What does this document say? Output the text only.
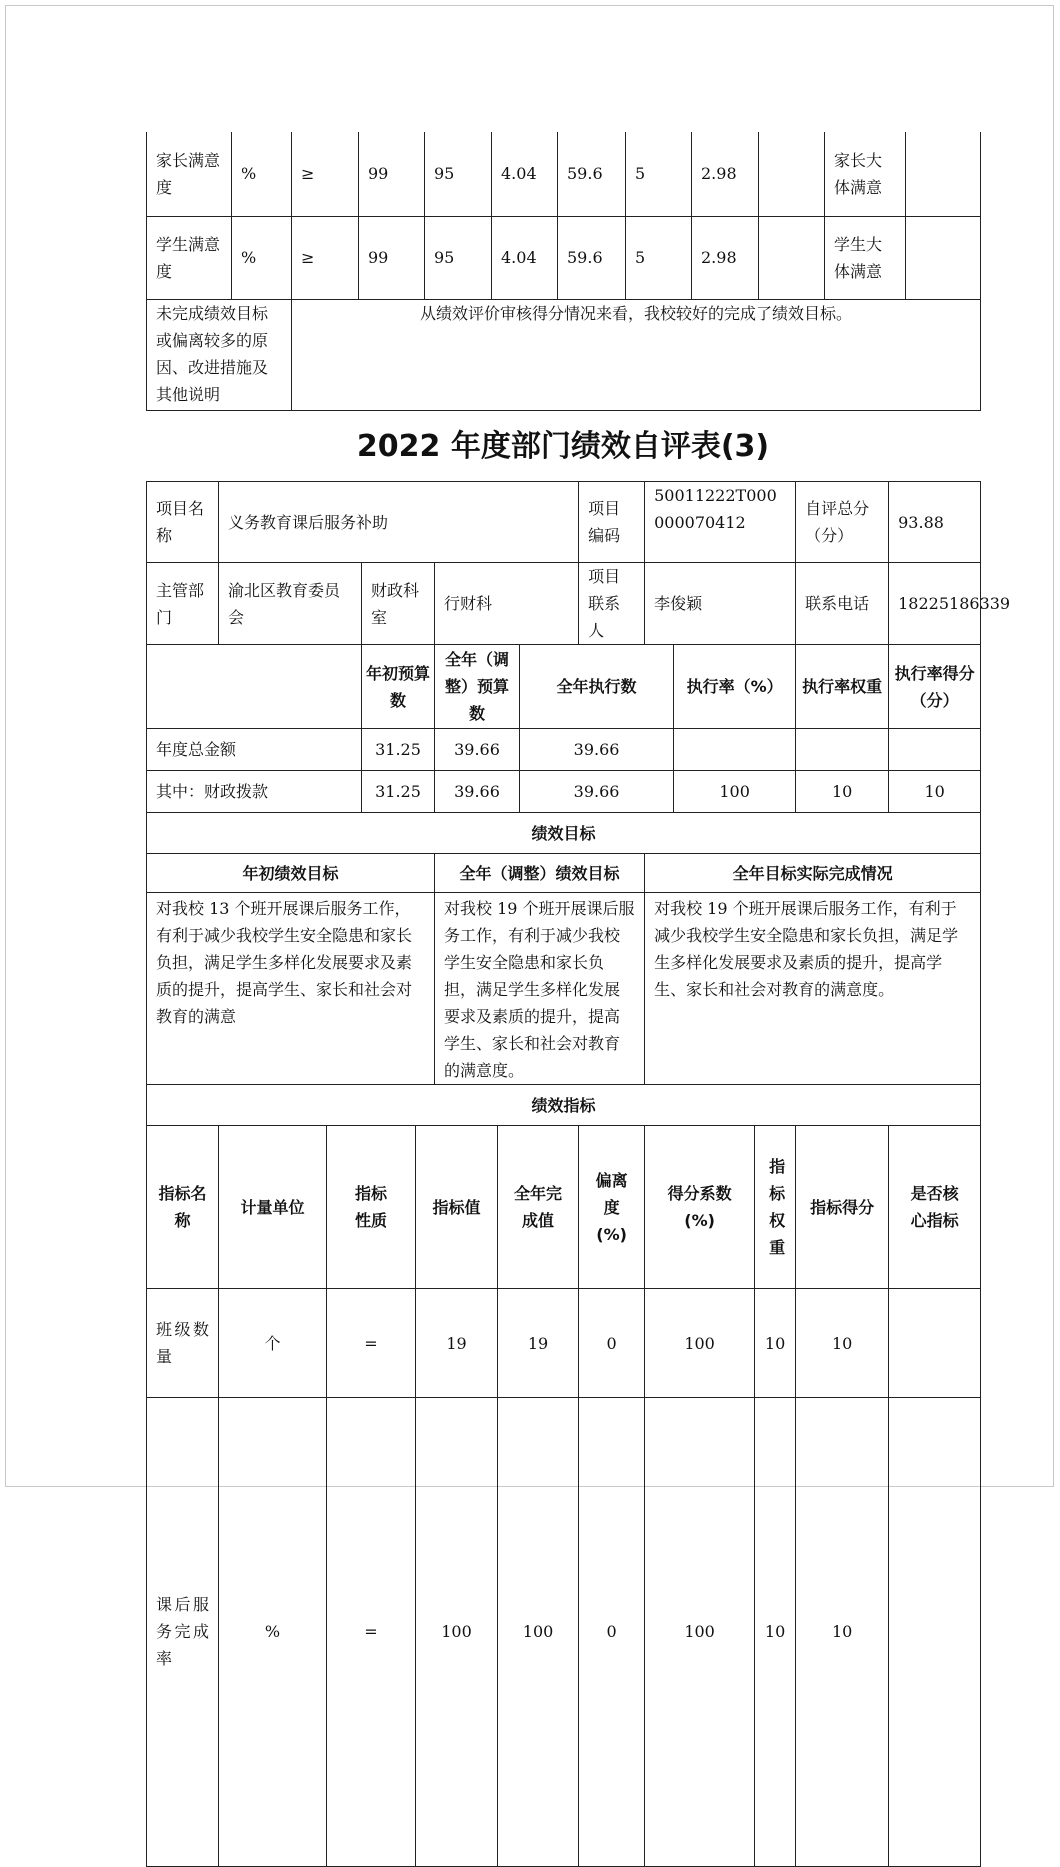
家长满意度	%	≥	99	95	4.04	59.6	5	2.98		家长大体满意	
学生满意度	%	≥	99	95	4.04	59.6	5	2.98		学生大体满意	
未完成绩效目标或偏离较多的原因、改进措施及其他说明		从绩效评价审核得分情况来看，我校较好的完成了绩效目标。									
2022 年度部门绩效自评表(3)
项目名称	义务教育课后服务补助							项目编码	50011222T000000070412			自评总分（分）	93.88	
主管部门	渝北区教育委员会		财政科室		行财科			项目联系人	李俊颖			联系电话	18225186339	
			年初预算数		全年（调整）预算数		全年执行数			执行率（%）		执行率权重	执行率得分（分）	
年度总金额			31.25		39.66		39.66							
其中：财政拨款			31.25		39.66		39.66			100		10	10	
绩效目标														
年初绩效目标					全年（调整）绩效目标				全年目标实际完成情况					
对我校 13 个班开展课后服务工作，有利于减少我校学生安全隐患和家长负担，满足学生多样化发展要求及素质的提升，提高学生、家长和社会对教育的满意					对我校 19 个班开展课后服务工作，有利于减少我校学生安全隐患和家长负担，满足学生多样化发展要求及素质的提升，提高学生、家长和社会对教育的满意度。				对我校 19 个班开展课后服务工作，有利于减少我校学生安全隐患和家长负担，满足学生多样化发展要求及素质的提升，提高学生、家长和社会对教育的满意度。					
绩效指标														
指标名称	计量单位	指标性质		指标值		全年完成值		偏离度(%)	得分系数(%)		指标权重	指标得分	是否核心指标		
班级数量	个	=		19		19		0	100		10	10			
课后服务完成率	%	=		100		100		0	100		10	10			
